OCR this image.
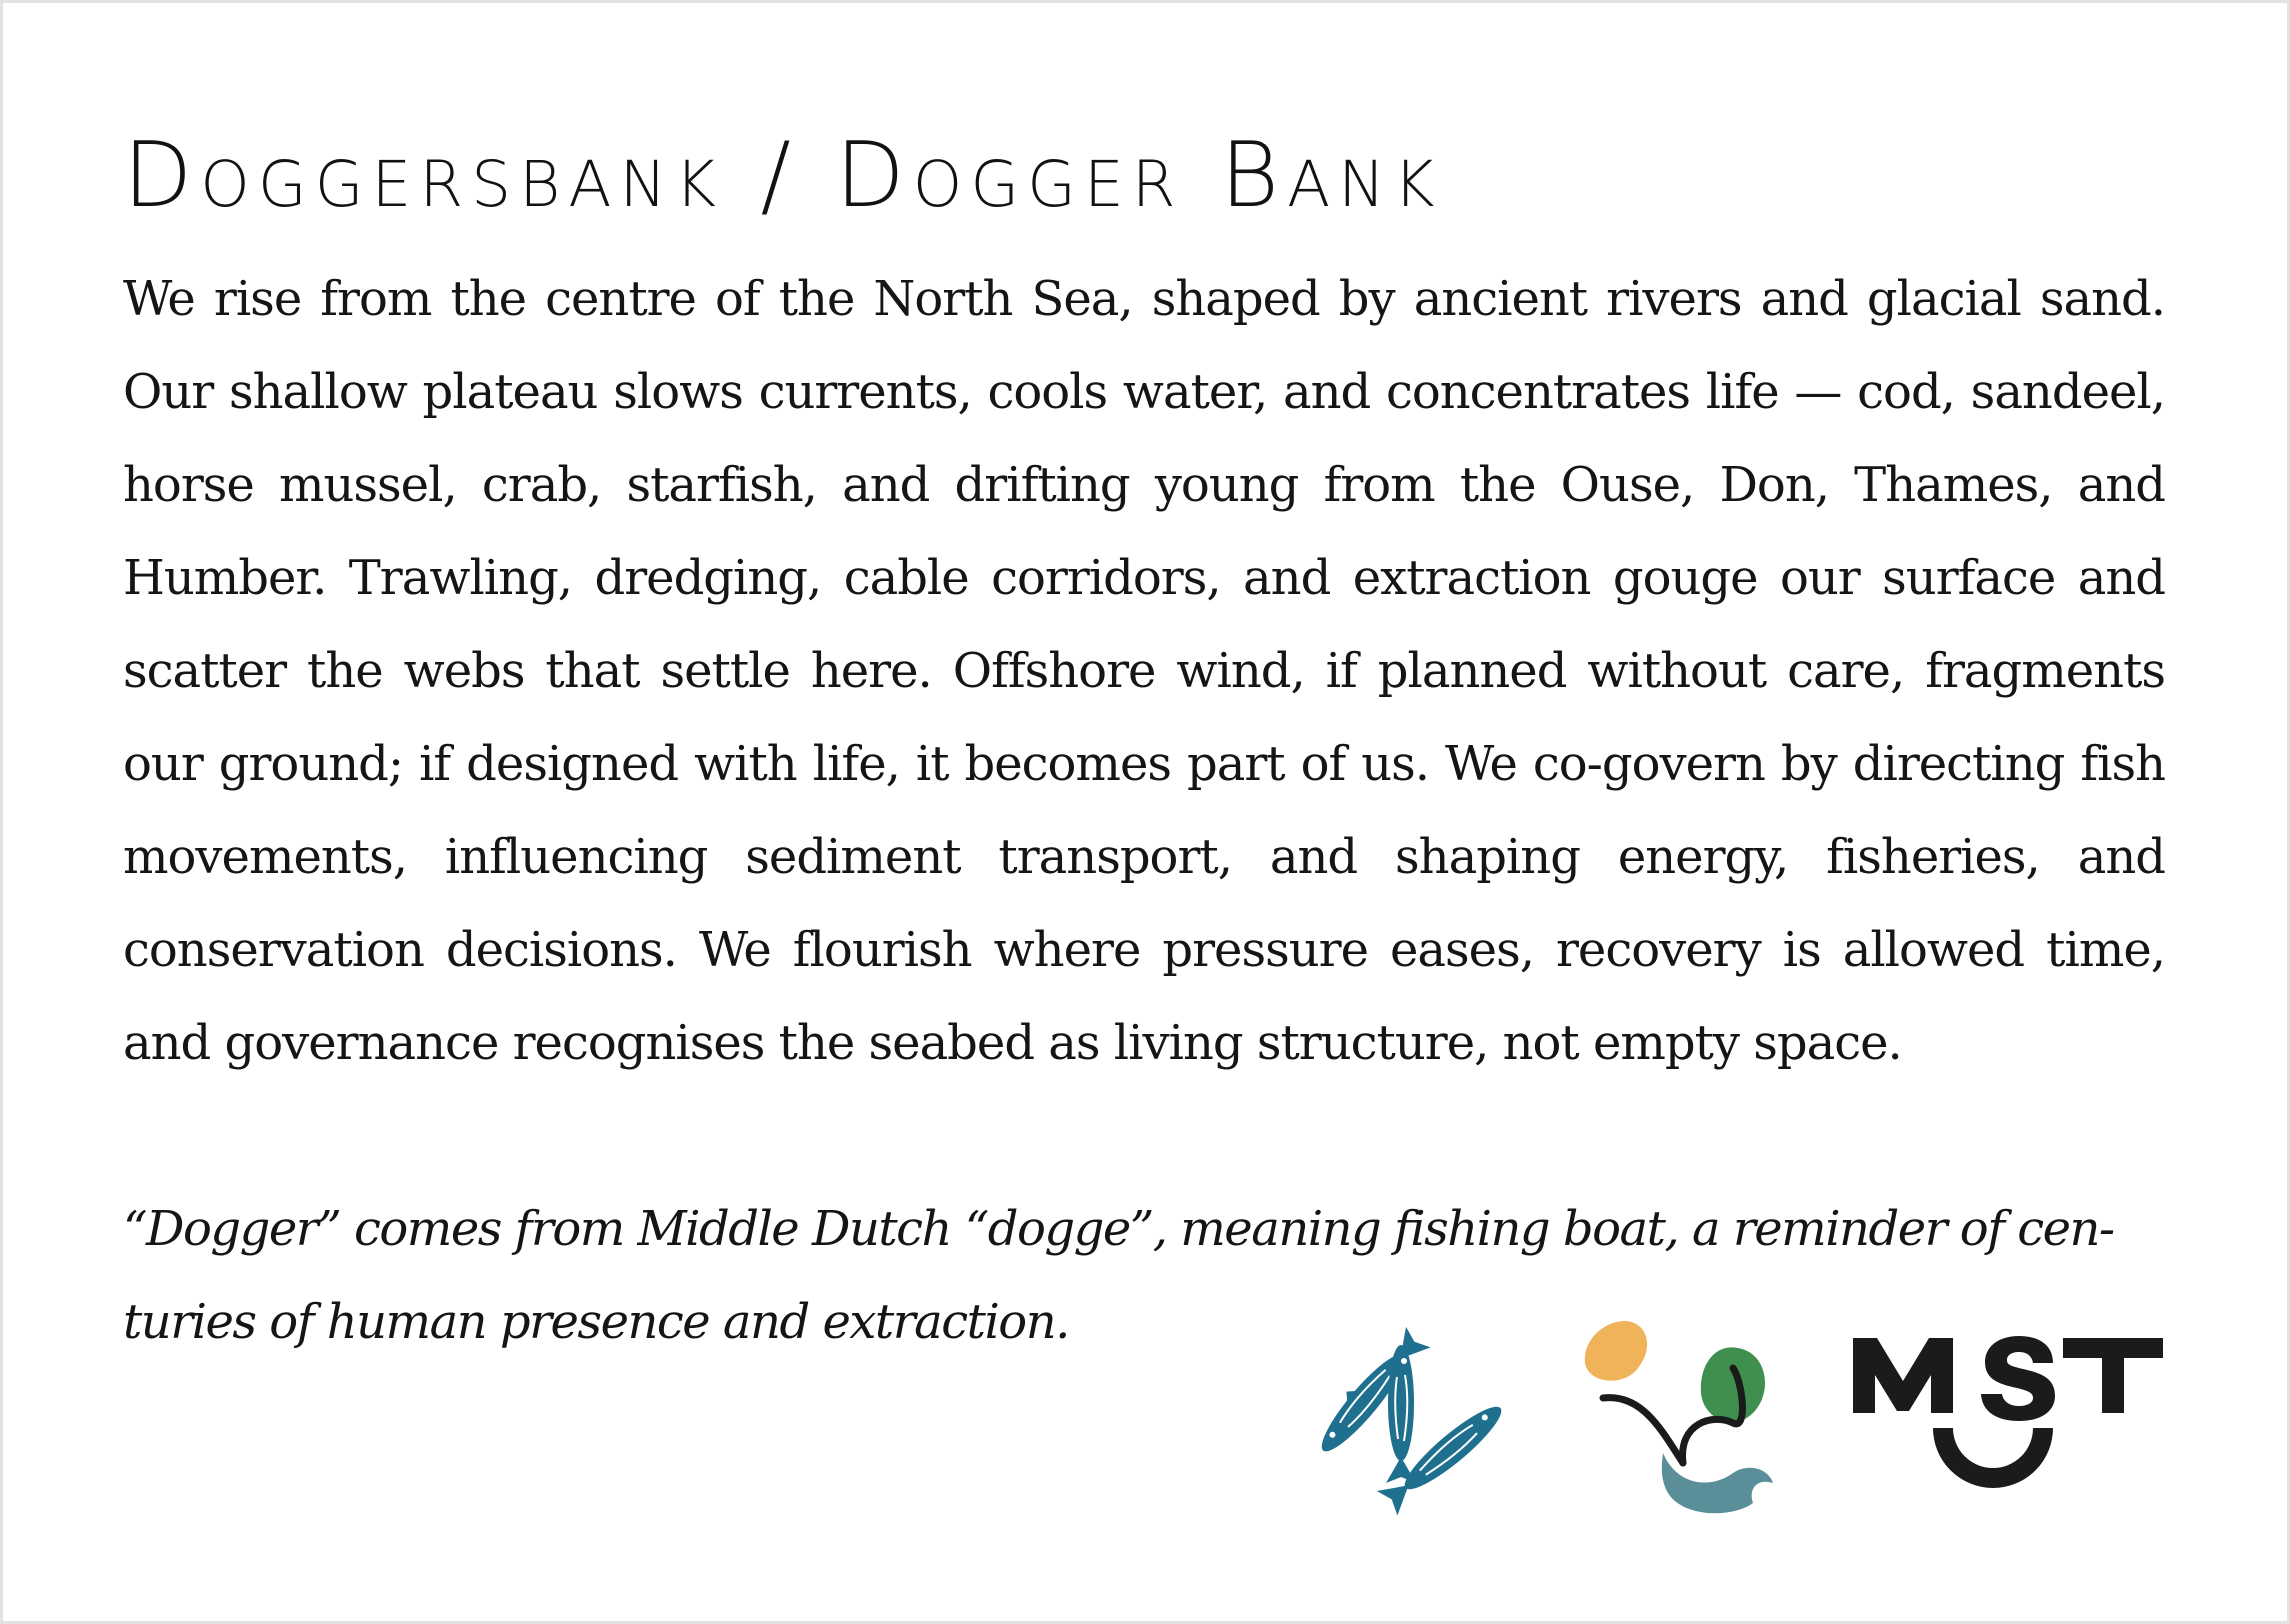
Doggersbank / Dogger Bank

We rise from the centre of the North Sea, shaped by ancient rivers and glacial sand. Our shallow plateau slows currents, cools water, and concentrates life — cod, sandeel, horse mussel, crab, starfish, and drifting young from the Ouse, Don, Thames, and Humber. Trawling, dredging, cable corridors, and extraction gouge our surface and scatter the webs that settle here. Offshore wind, if planned without care, fragments our ground; if designed with life, it becomes part of us. We co-govern by directing fish movements, influencing sediment transport, and shaping energy, fisheries, and conservation decisions. We flourish where pressure eases, recovery is allowed time, and governance recognises the seabed as living structure, not empty space.

“Dogger” comes from Middle Dutch “dogge”, meaning fishing boat, a reminder of centuries of human presence and extraction.
